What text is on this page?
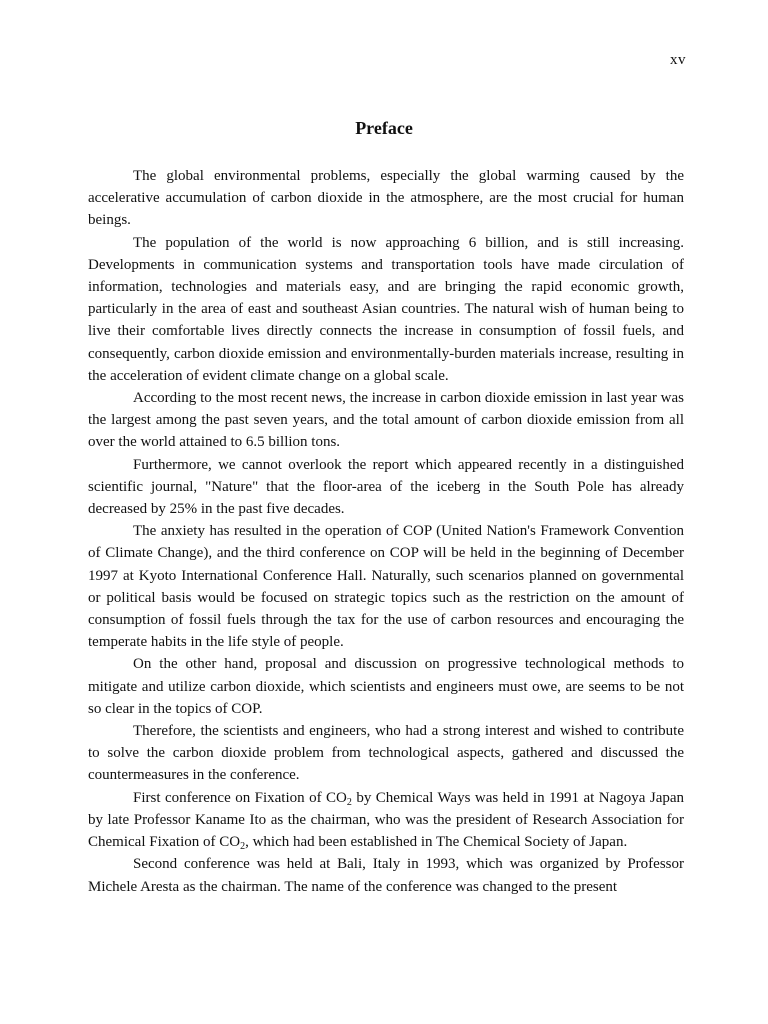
xv
Preface

The global environmental problems, especially the global warming caused by the accelerative accumulation of carbon dioxide in the atmosphere, are the most crucial for human beings.

The population of the world is now approaching 6 billion, and is still increasing. Developments in communication systems and transportation tools have made circulation of information, technologies and materials easy, and are bringing the rapid economic growth, particularly in the area of east and southeast Asian countries. The natural wish of human being to live their comfortable lives directly connects the increase in consumption of fossil fuels, and consequently, carbon dioxide emission and environmentally-burden materials increase, resulting in the acceleration of evident climate change on a global scale.

According to the most recent news, the increase in carbon dioxide emission in last year was the largest among the past seven years, and the total amount of carbon dioxide emission from all over the world attained to 6.5 billion tons.

Furthermore, we cannot overlook the report which appeared recently in a distinguished scientific journal, "Nature" that the floor-area of the iceberg in the South Pole has already decreased by 25% in the past five decades.

The anxiety has resulted in the operation of COP (United Nation's Framework Convention of Climate Change), and the third conference on COP will be held in the beginning of December 1997 at Kyoto International Conference Hall. Naturally, such scenarios planned on governmental or political basis would be focused on strategic topics such as the restriction on the amount of consumption of fossil fuels through the tax for the use of carbon resources and encouraging the temperate habits in the life style of people.

On the other hand, proposal and discussion on progressive technological methods to mitigate and utilize carbon dioxide, which scientists and engineers must owe, are seems to be not so clear in the topics of COP.

Therefore, the scientists and engineers, who had a strong interest and wished to contribute to solve the carbon dioxide problem from technological aspects, gathered and discussed the countermeasures in the conference.

First conference on Fixation of $CO_2$ by Chemical Ways was held in 1991 at Nagoya Japan by late Professor Kaname Ito as the chairman, who was the president of Research Association for Chemical Fixation of $CO_2$, which had been established in The Chemical Society of Japan.

Second conference was held at Bali, Italy in 1993, which was organized by Professor Michele Aresta as the chairman. The name of the conference was changed to the present
